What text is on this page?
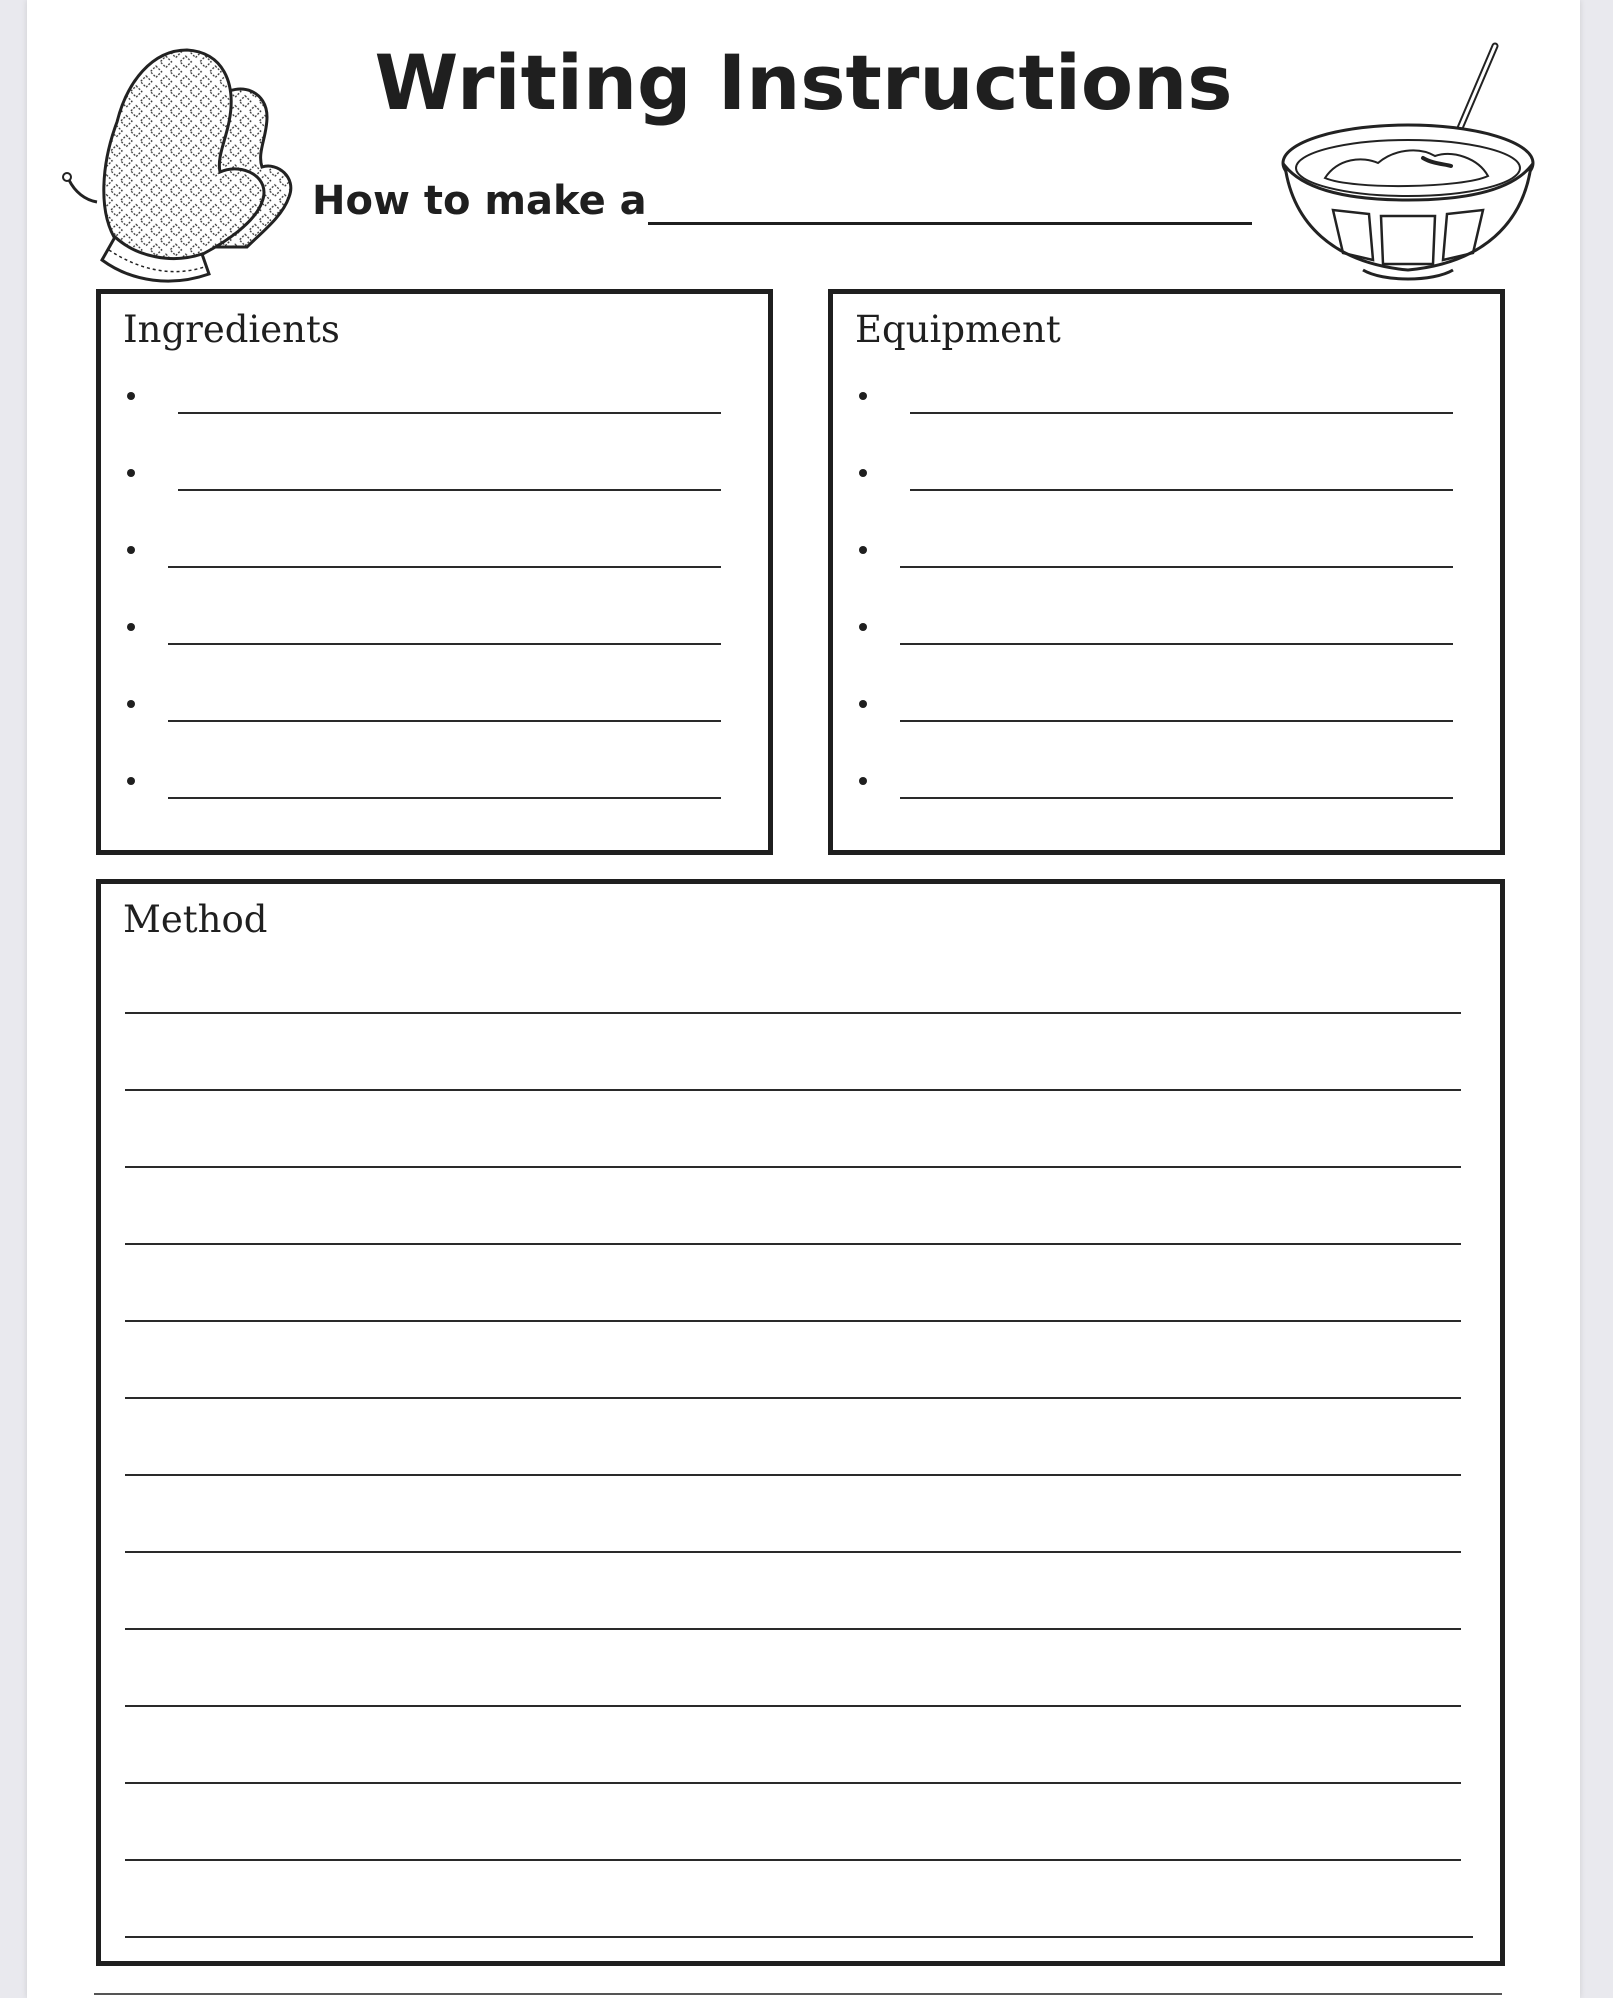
Writing Instructions
How to make a
Ingredients	Equipment
Method
